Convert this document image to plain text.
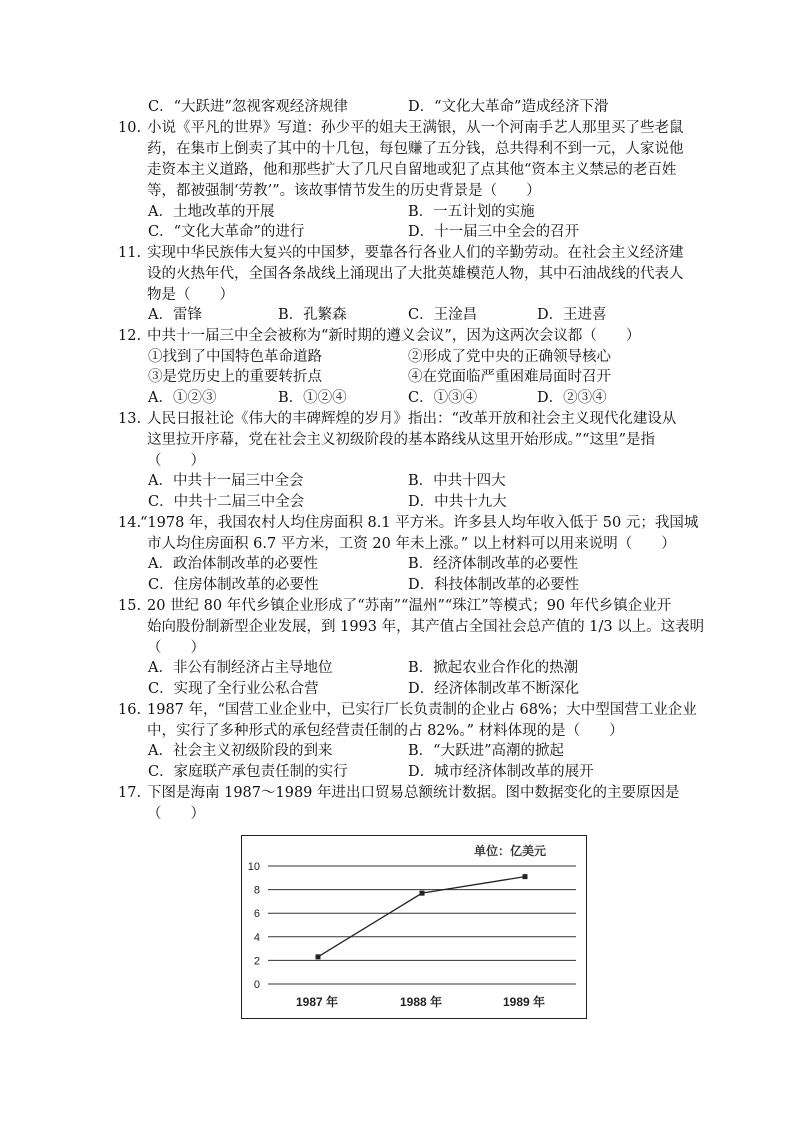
C．“大跃进”忽视客观经济规律	D．“文化大革命”造成经济下滑
10. 小说《平凡的世界》写道：孙少平的姐夫王满银，从一个河南手艺人那里买了些老鼠
药，在集市上倒卖了其中的十几包，每包赚了五分钱，总共得利不到一元，人家说他
走资本主义道路，他和那些扩大了几尺自留地或犯了点其他“资本主义禁忌的老百姓
等，都被强制‘劳教’”。该故事情节发生的历史背景是（　　）
A．土地改革的开展	B．一五计划的实施
C．“文化大革命”的进行	D．十一届三中全会的召开
11. 实现中华民族伟大复兴的中国梦，要靠各行各业人们的辛勤劳动。在社会主义经济建
设的火热年代，全国各条战线上涌现出了大批英雄模范人物，其中石油战线的代表人
物是（　　）
A．雷锋	B．孔繁森	C．王淦昌	D．王进喜
12. 中共十一届三中全会被称为“新时期的遵义会议”，因为这两次会议都（　　）
①找到了中国特色革命道路	②形成了党中央的正确领导核心
③是党历史上的重要转折点	④在党面临严重困难局面时召开
A．①②③	B．①②④	C．①③④	D．②③④
13. 人民日报社论《伟大的丰碑辉煌的岁月》指出：“改革开放和社会主义现代化建设从
这里拉开序幕，党在社会主义初级阶段的基本路线从这里开始形成。”“这里”是指
（　　）
A．中共十一届三中全会	B．中共十四大
C．中共十二届三中全会	D．中共十九大
14.
“1978 年，我国农村人均住房面积 8.1 平方米。许多县人均年收入低于 50 元；我国城
市人均住房面积 6.7 平方米，工资 20 年未上涨。” 以上材料可以用来说明（　　）
A．政治体制改革的必要性	B．经济体制改革的必要性
C．住房体制改革的必要性	D．科技体制改革的必要性
15. 20 世纪 80 年代乡镇企业形成了“苏南”“温州”“珠江”等模式；90 年代乡镇企业开
始向股份制新型企业发展，到 1993 年，其产值占全国社会总产值的 1/3 以上。这表明
（　　）
A．非公有制经济占主导地位	B．掀起农业合作化的热潮
C．实现了全行业公私合营	D．经济体制改革不断深化
16. 1987 年，“国营工业企业中，已实行厂长负责制的企业占 68%；大中型国营工业企业
中，实行了多种形式的承包经营责任制的占 82%。” 材料体现的是（　　）
A．社会主义初级阶段的到来	B．“大跃进”高潮的掀起
C．家庭联产承包责任制的实行	D．城市经济体制改革的展开
17. 下图是海南 1987～1989 年进出口贸易总额统计数据。图中数据变化的主要原因是
（　　）
0
2
4
6
8
10
单位：亿美元
1987 年	1988 年	1989 年
